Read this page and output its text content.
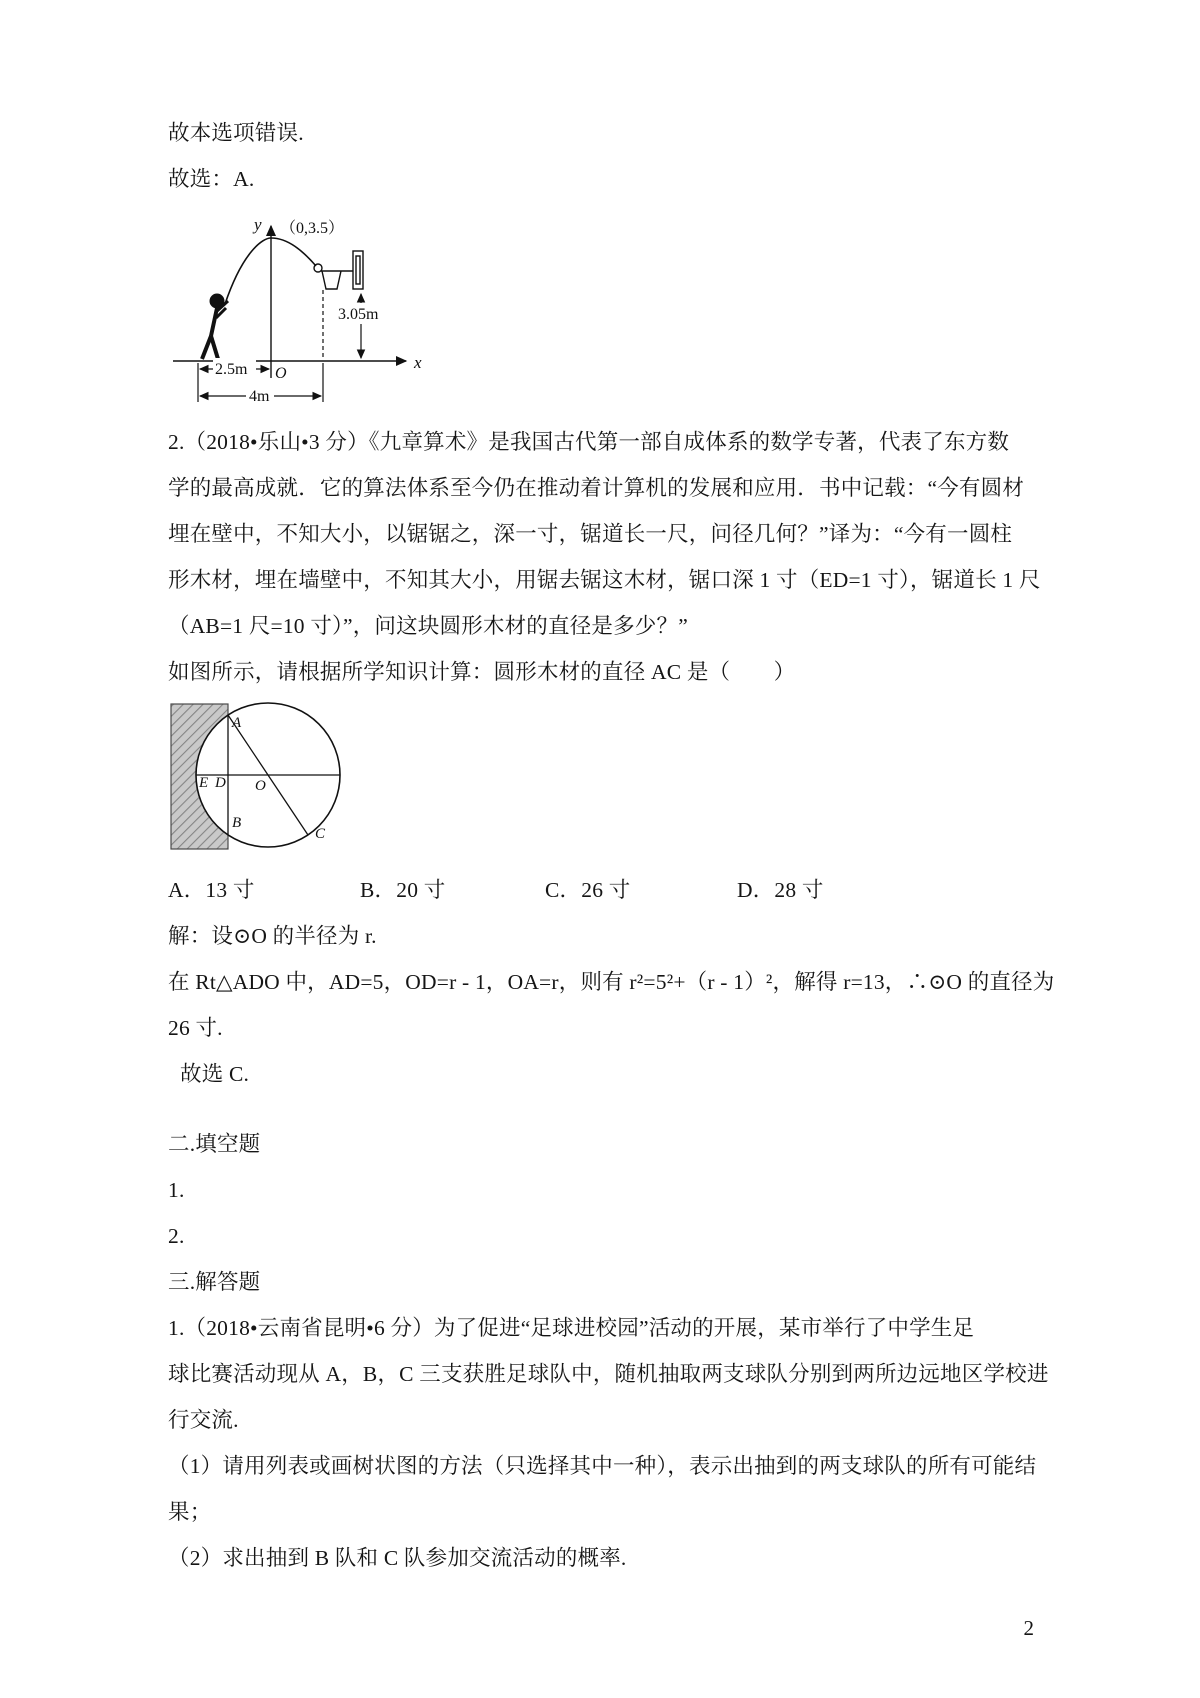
故本选项错误.
故选：A.
3.05m
2.5m
4m
y （0,3.5）
x
O
2.（2018•乐山•3 分）《九章算术》是我国古代第一部自成体系的数学专著，代表了东方数
学的最高成就．它的算法体系至今仍在推动着计算机的发展和应用．书中记载：“今有圆材
埋在壁中，不知大小，以锯锯之，深一寸，锯道长一尺，问径几何？”译为：“今有一圆柱
形木材，埋在墙壁中，不知其大小，用锯去锯这木材，锯口深 1 寸（ED=1 寸），锯道长 1 尺
（AB=1 尺=10 寸）”，问这块圆形木材的直径是多少？”
如图所示，请根据所学知识计算：圆形木材的直径 AC 是（　　）
A
E D O
B
C
A．13 寸	B．20 寸	C．26 寸	D．28 寸
解：设⊙O 的半径为 r.
在 Rt△ADO 中，AD=5，OD=r - 1，OA=r，则有 r²=5²+（r - 1）²，解得 r=13，∴⊙O 的直径为
26 寸.
故选 C.
二.填空题
1.
2.
三.解答题
1.（2018•云南省昆明•6 分）为了促进“足球进校园”活动的开展，某市举行了中学生足
球比赛活动现从 A，B，C 三支获胜足球队中，随机抽取两支球队分别到两所边远地区学校进
行交流.
（1）请用列表或画树状图的方法（只选择其中一种），表示出抽到的两支球队的所有可能结
果；
（2）求出抽到 B 队和 C 队参加交流活动的概率.
2
